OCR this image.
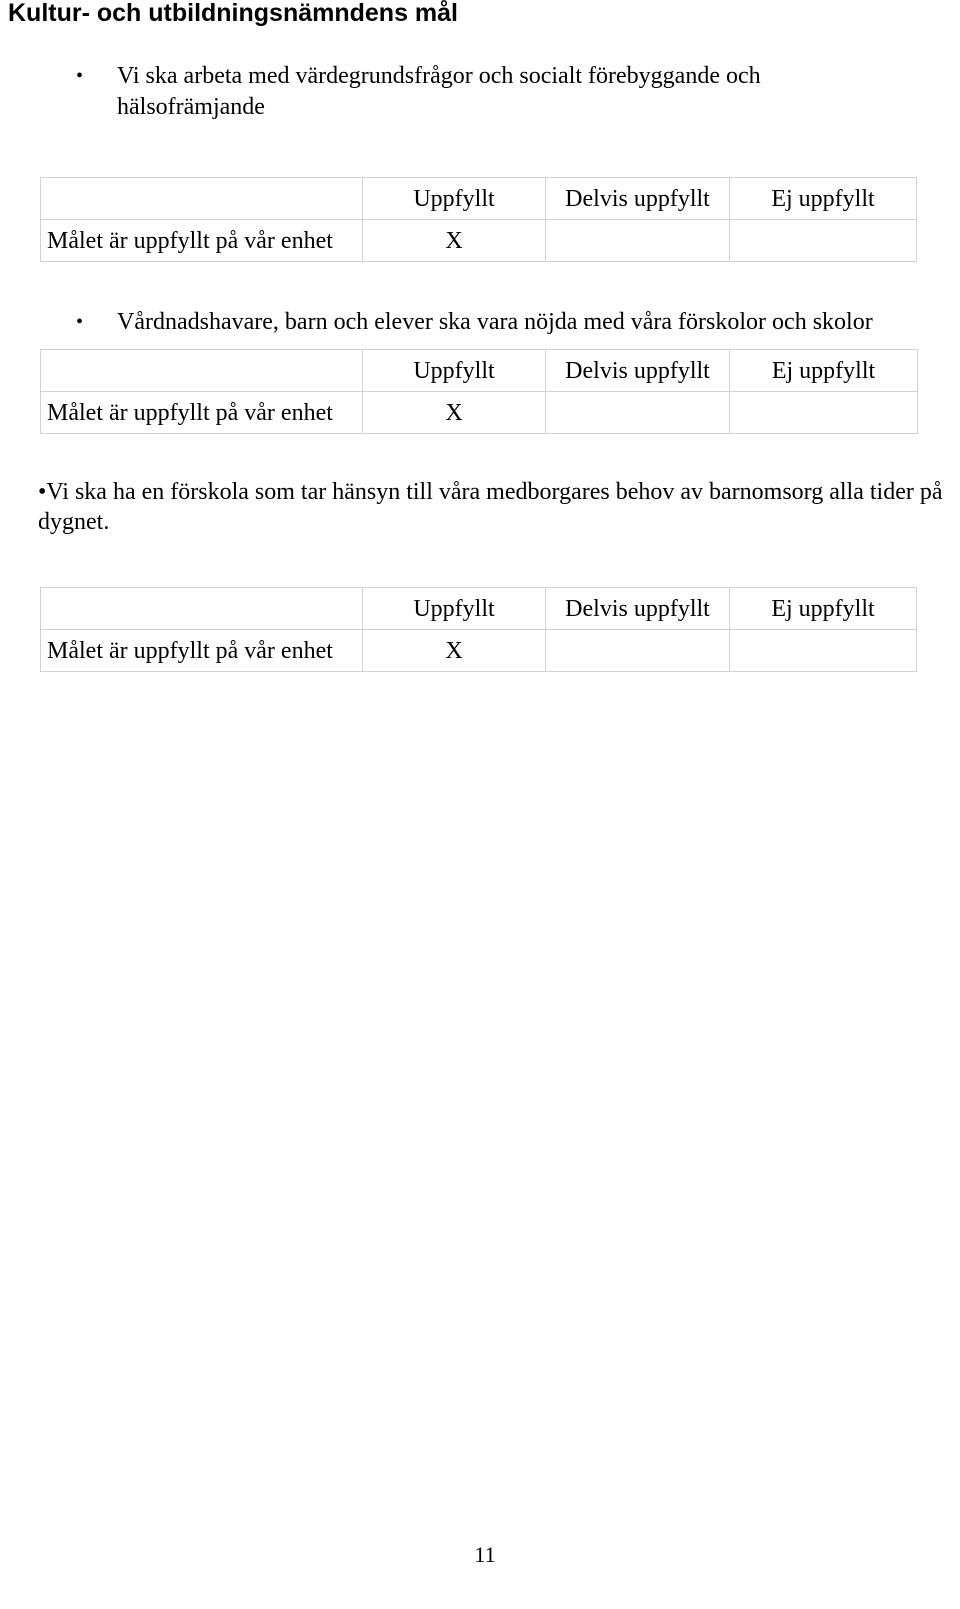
Kultur- och utbildningsnämndens mål
• Vi ska arbeta med värdegrundsfrågor och socialt förebyggande och
hälsofrämjande
	Uppfyllt	Delvis uppfyllt	Ej uppfyllt
Målet är uppfyllt på vår enhet	X		
• Vårdnadshavare, barn och elever ska vara nöjda med våra förskolor och skolor
	Uppfyllt	Delvis uppfyllt	Ej uppfyllt
Målet är uppfyllt på vår enhet	X		
•Vi ska ha en förskola som tar hänsyn till våra medborgares behov av barnomsorg alla tider på dygnet.
	Uppfyllt	Delvis uppfyllt	Ej uppfyllt
Målet är uppfyllt på vår enhet	X		
11
